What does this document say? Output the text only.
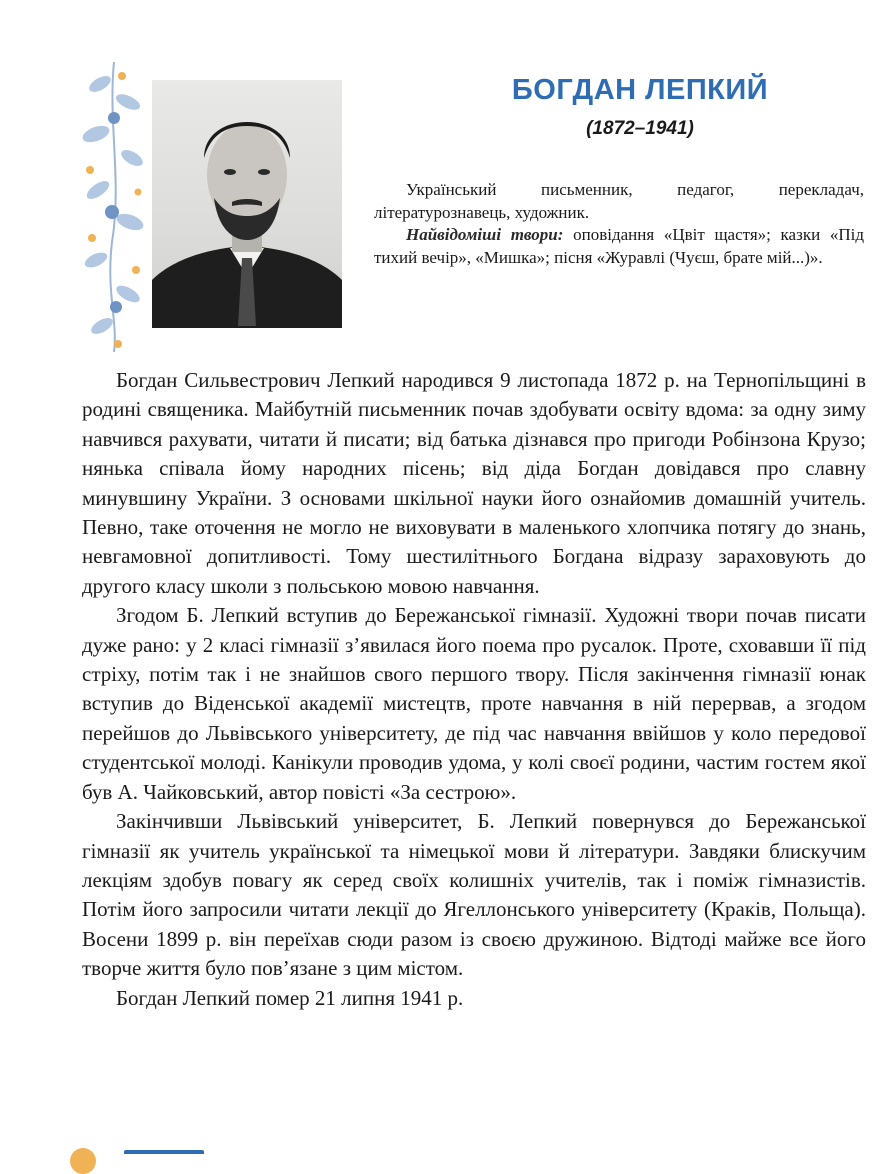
БОГДАН ЛЕПКИЙ
(1872–1941)

Український письменник, педагог, перекладач, літературознавець, художник.

Найвідоміші твори: оповідання «Цвіт щастя»; казки «Під тихий вечір», «Мишка»; пісня «Журавлі (Чуєш, брате мій...)».

Богдан Сильвестрович Лепкий народився 9 листопада 1872 р. на Тернопільщині в родині священика. Майбутній письменник почав здобувати освіту вдома: за одну зиму навчився рахувати, читати й писати; від батька дізнався про пригоди Робінзона Крузо; нянька співала йому народних пісень; від діда Богдан довідався про славну минувшину України. З основами шкільної науки його ознайомив домашній учитель. Певно, таке оточення не могло не виховувати в маленького хлопчика потягу до знань, невгамовної допитливості. Тому шестилітнього Богдана відразу зараховують до другого класу школи з польською мовою навчання.

Згодом Б. Лепкий вступив до Бережанської гімназії. Художні твори почав писати дуже рано: у 2 класі гімназії з’явилася його поема про русалок. Проте, сховавши її під стріху, потім так і не знайшов свого першого твору. Після закінчення гімназії юнак вступив до Віденської академії мистецтв, проте навчання в ній перервав, а згодом перейшов до Львівського університету, де під час навчання ввійшов у коло передової студентської молоді. Канікули проводив удома, у колі своєї родини, частим гостем якої був А. Чайковський, автор повісті «За сестрою».

Закінчивши Львівський університет, Б. Лепкий повернувся до Бережанської гімназії як учитель української та німецької мови й літератури. Завдяки блискучим лекціям здобув повагу як серед своїх колишніх учителів, так і поміж гімназистів. Потім його запросили читати лекції до Ягеллонського університету (Краків, Польща). Восени 1899 р. він переїхав сюди разом із своєю дружиною. Відтоді майже все його творче життя було пов’язане з цим містом.

Богдан Лепкий помер 21 липня 1941 р.
